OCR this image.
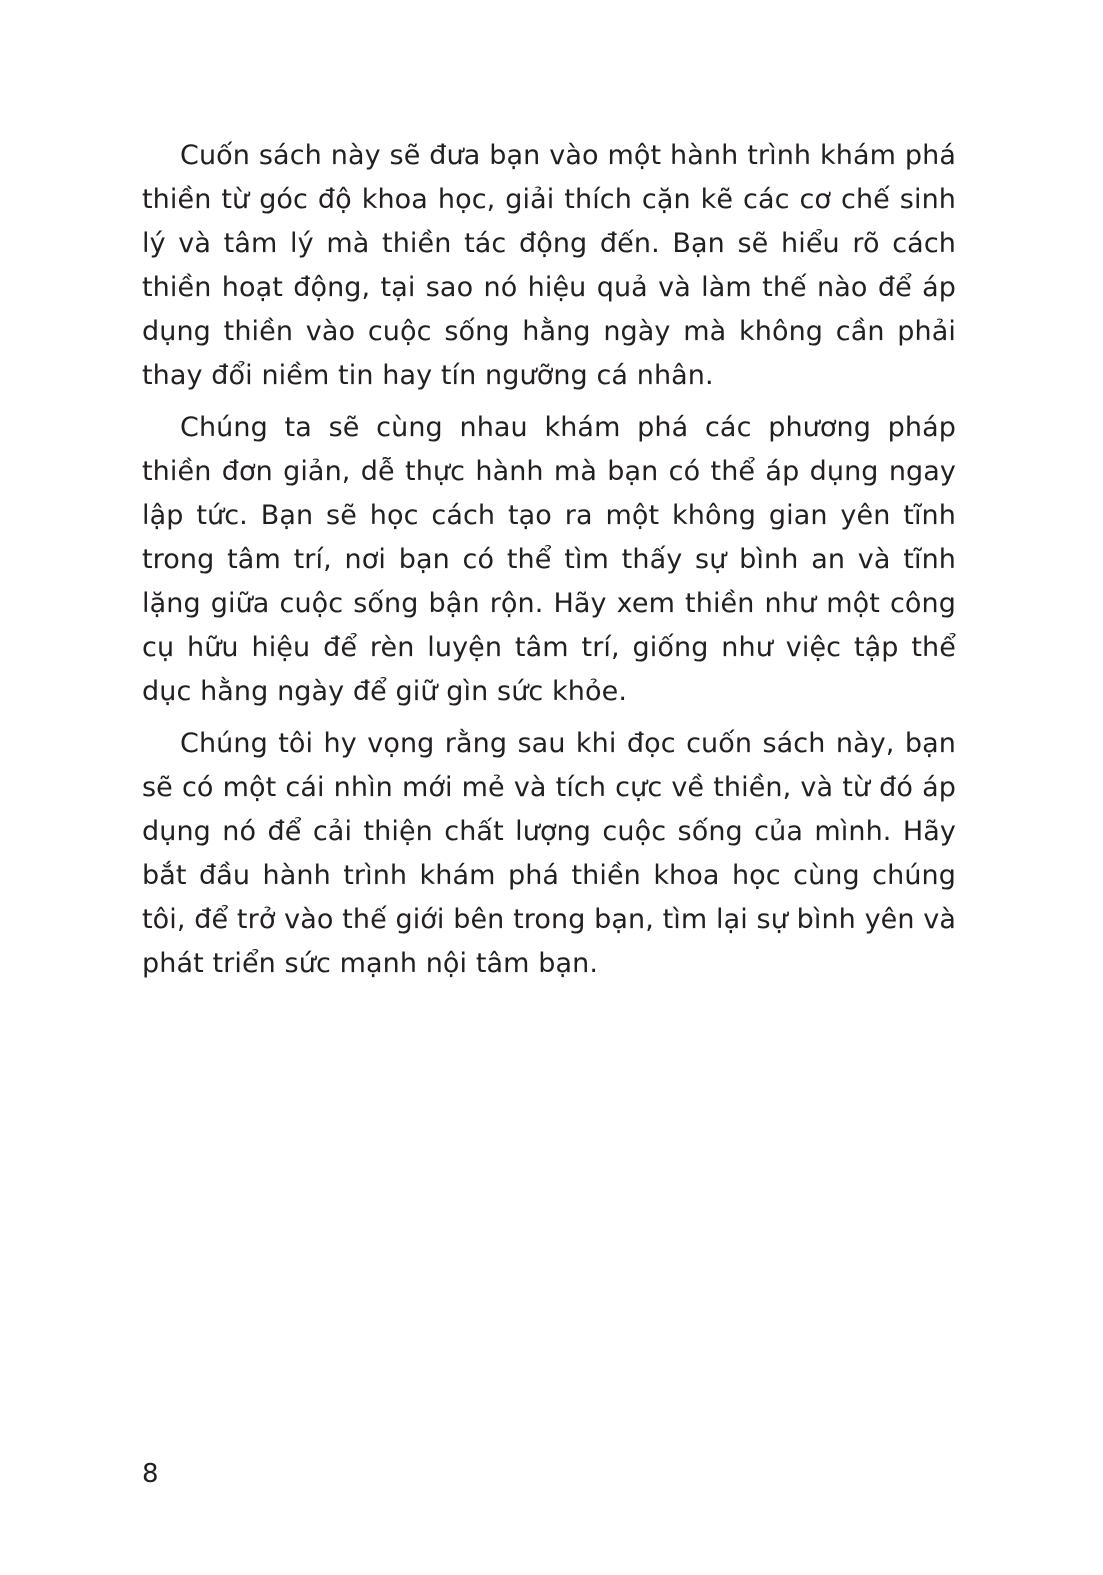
Cuốn sách này sẽ đưa bạn vào một hành trình khám phá thiền từ góc độ khoa học, giải thích cặn kẽ các cơ chế sinh lý và tâm lý mà thiền tác động đến. Bạn sẽ hiểu rõ cách thiền hoạt động, tại sao nó hiệu quả và làm thế nào để áp dụng thiền vào cuộc sống hằng ngày mà không cần phải thay đổi niềm tin hay tín ngưỡng cá nhân.

Chúng ta sẽ cùng nhau khám phá các phương pháp thiền đơn giản, dễ thực hành mà bạn có thể áp dụng ngay lập tức. Bạn sẽ học cách tạo ra một không gian yên tĩnh trong tâm trí, nơi bạn có thể tìm thấy sự bình an và tĩnh lặng giữa cuộc sống bận rộn. Hãy xem thiền như một công cụ hữu hiệu để rèn luyện tâm trí, giống như việc tập thể dục hằng ngày để giữ gìn sức khỏe.

Chúng tôi hy vọng rằng sau khi đọc cuốn sách này, bạn sẽ có một cái nhìn mới mẻ và tích cực về thiền, và từ đó áp dụng nó để cải thiện chất lượng cuộc sống của mình. Hãy bắt đầu hành trình khám phá thiền khoa học cùng chúng tôi, để trở vào thế giới bên trong bạn, tìm lại sự bình yên và phát triển sức mạnh nội tâm bạn.

8
